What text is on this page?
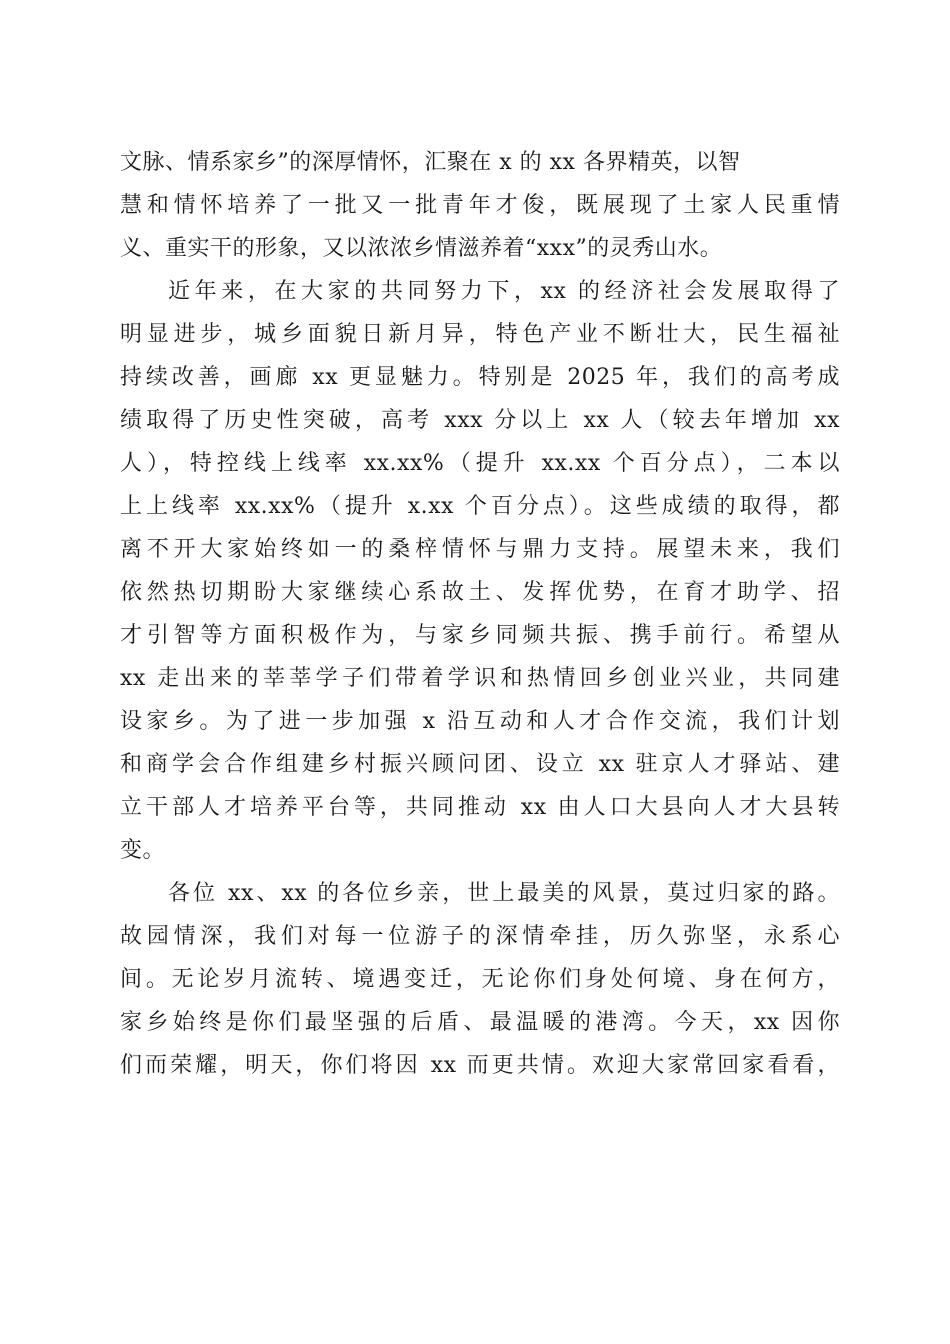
文脉、情系家乡”的深厚情怀，汇聚在 x 的 xx 各界精英，以智
慧和情怀培养了一批又一批青年才俊，既展现了土家人民重情
义、重实干的形象，又以浓浓乡情滋养着“xxx”的灵秀山水。
近年来，在大家的共同努力下，xx 的经济社会发展取得了
明显进步，城乡面貌日新月异，特色产业不断壮大，民生福祉
持续改善，画廊 xx 更显魅力。特别是 2025 年，我们的高考成
绩取得了历史性突破，高考 xxx 分以上 xx 人（较去年增加 xx
人），特控线上线率 xx.xx%（提升 xx.xx 个百分点），二本以
上上线率 xx.xx%（提升 x.xx 个百分点）。这些成绩的取得，都
离不开大家始终如一的桑梓情怀与鼎力支持。展望未来，我们
依然热切期盼大家继续心系故土、发挥优势，在育才助学、招
才引智等方面积极作为，与家乡同频共振、携手前行。希望从
xx 走出来的莘莘学子们带着学识和热情回乡创业兴业，共同建
设家乡。为了进一步加强 x 沿互动和人才合作交流，我们计划
和商学会合作组建乡村振兴顾问团、设立 xx 驻京人才驿站、建
立干部人才培养平台等，共同推动 xx 由人口大县向人才大县转
变。
各位 xx、xx 的各位乡亲，世上最美的风景，莫过归家的路。
故园情深，我们对每一位游子的深情牵挂，历久弥坚，永系心
间。无论岁月流转、境遇变迁，无论你们身处何境、身在何方，
家乡始终是你们最坚强的后盾、最温暖的港湾。今天，xx 因你
们而荣耀，明天，你们将因 xx 而更共情。欢迎大家常回家看看，
